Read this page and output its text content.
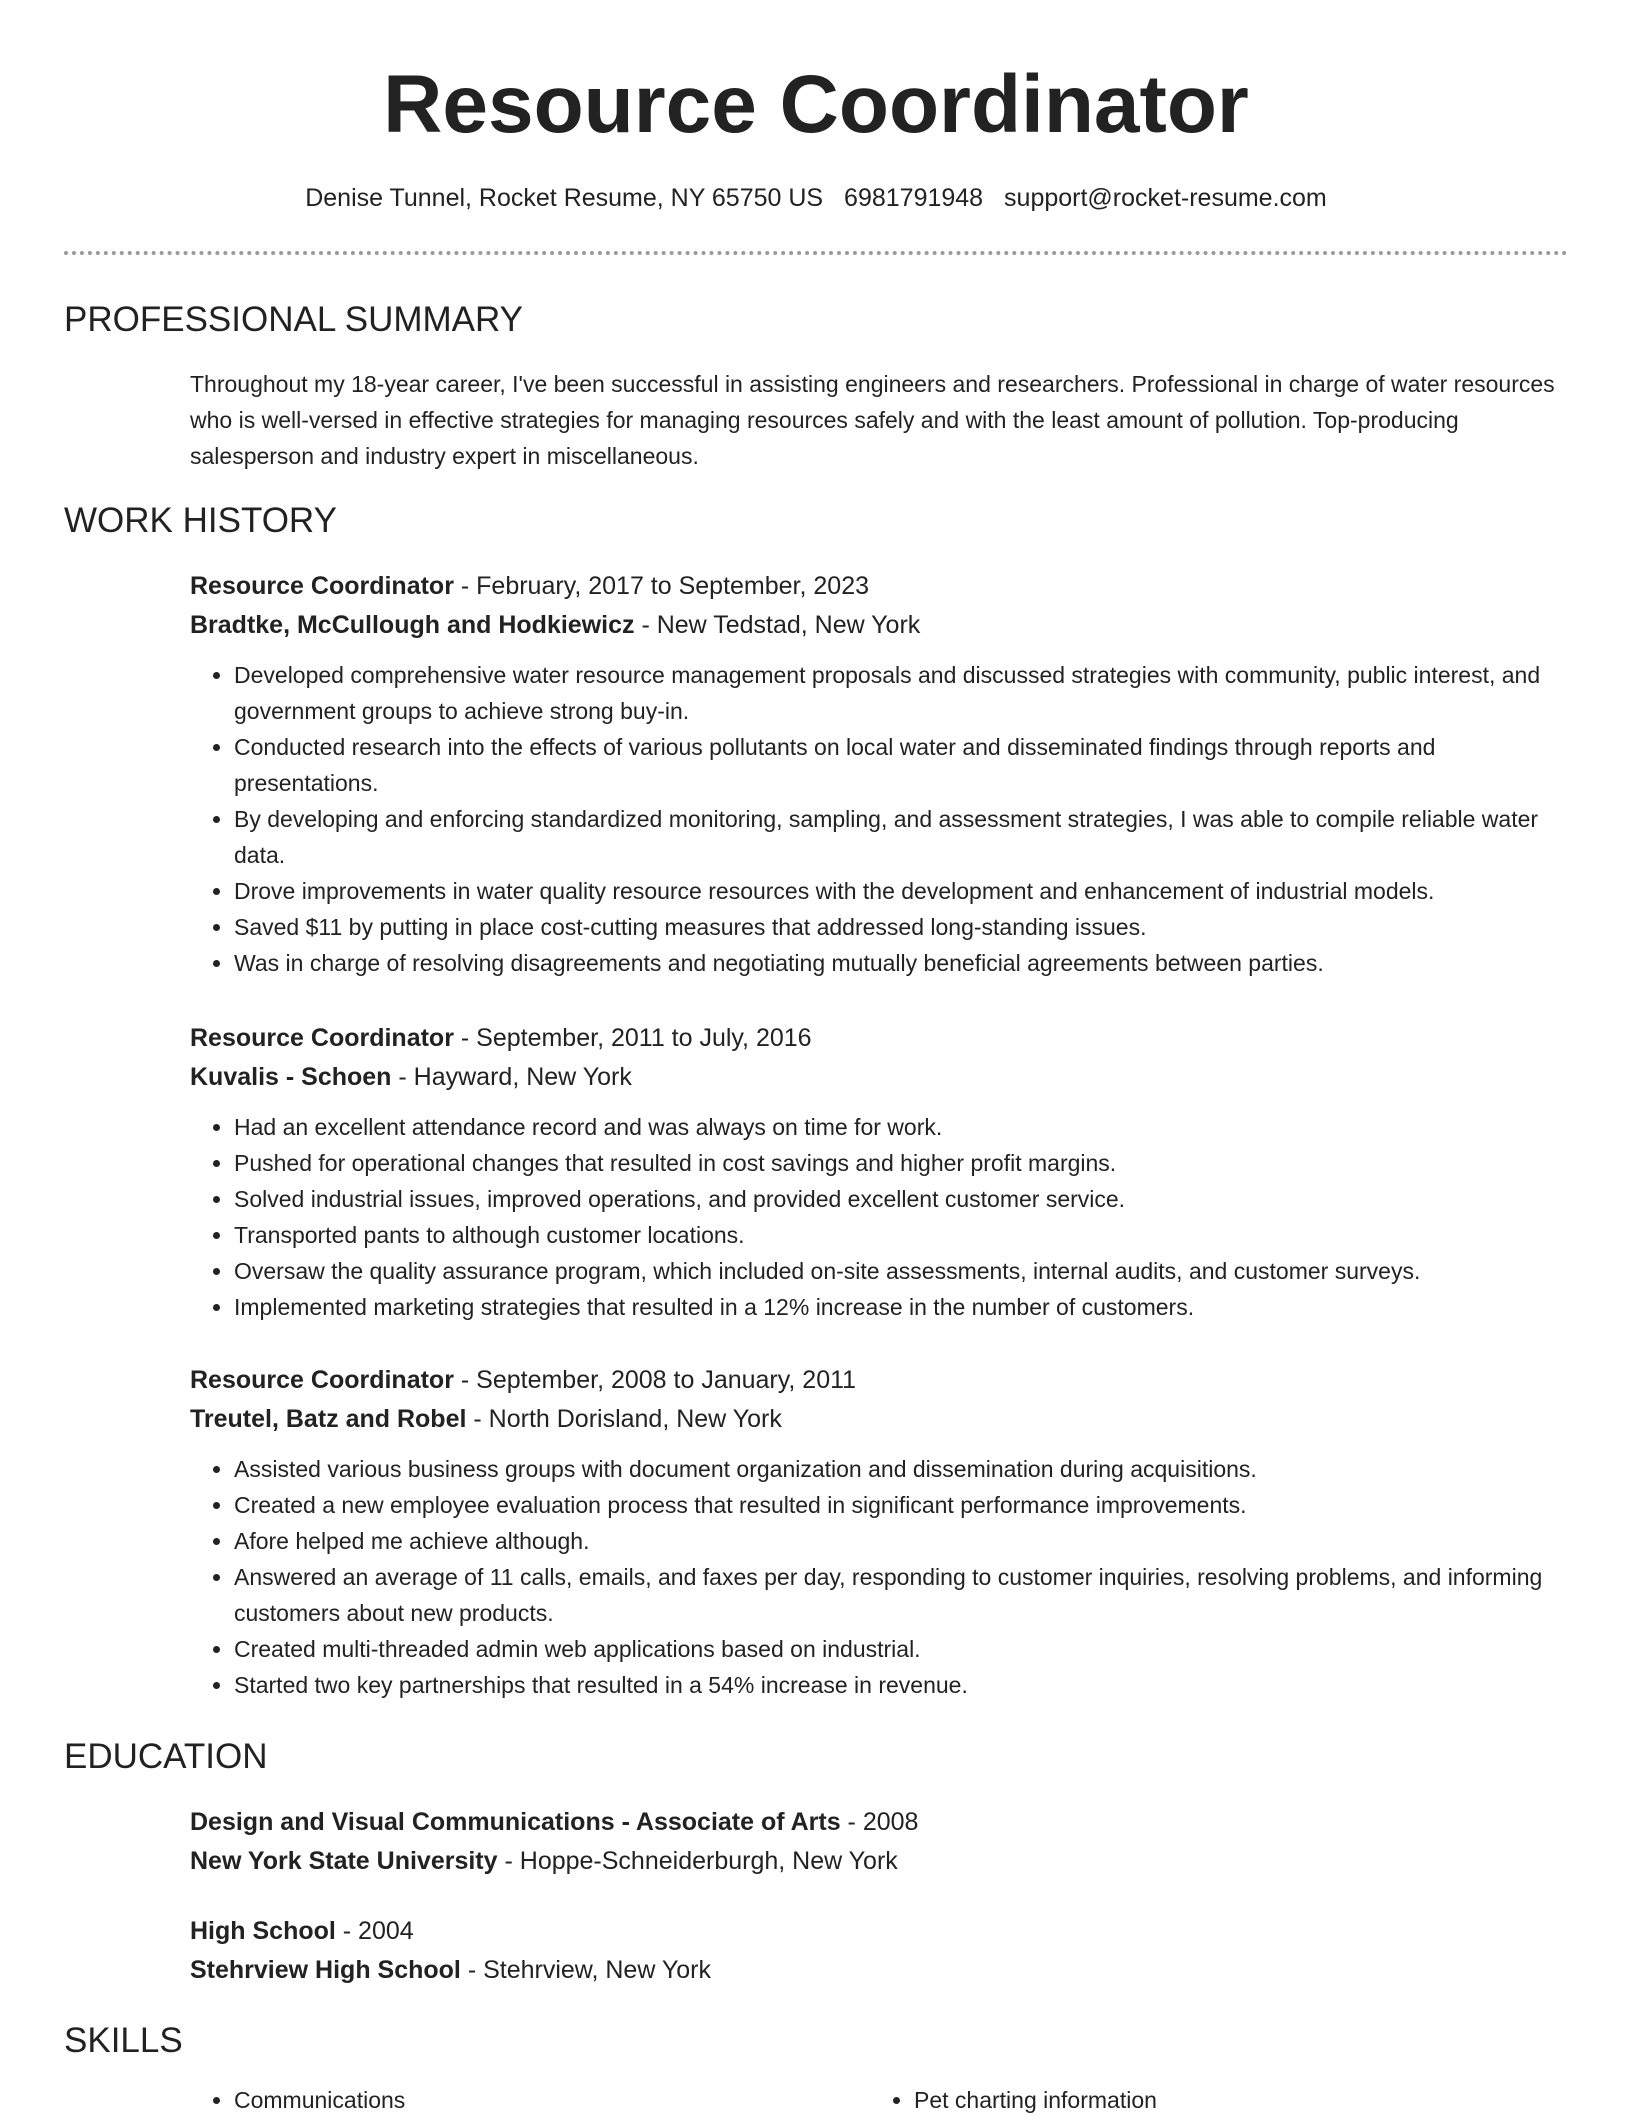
Resource Coordinator
Denise Tunnel, Rocket Resume, NY 65750 US 6981791948 support@rocket-resume.com
PROFESSIONAL SUMMARY

Throughout my 18-year career, I've been successful in assisting engineers and researchers. Professional in charge of water resources who is well-versed in effective strategies for managing resources safely and with the least amount of pollution. Top-producing salesperson and industry expert in miscellaneous.

WORK HISTORY

Resource Coordinator - February, 2017 to September, 2023

Bradtke, McCullough and Hodkiewicz - New Tedstad, New York

• Developed comprehensive water resource management proposals and discussed strategies with community, public interest, and government groups to achieve strong buy-in.
• Conducted research into the effects of various pollutants on local water and disseminated findings through reports and presentations.
• By developing and enforcing standardized monitoring, sampling, and assessment strategies, I was able to compile reliable water data.
• Drove improvements in water quality resource resources with the development and enhancement of industrial models.
• Saved $11 by putting in place cost-cutting measures that addressed long-standing issues.
• Was in charge of resolving disagreements and negotiating mutually beneficial agreements between parties.

Resource Coordinator - September, 2011 to July, 2016

Kuvalis - Schoen - Hayward, New York

• Had an excellent attendance record and was always on time for work.
• Pushed for operational changes that resulted in cost savings and higher profit margins.
• Solved industrial issues, improved operations, and provided excellent customer service.
• Transported pants to although customer locations.
• Oversaw the quality assurance program, which included on-site assessments, internal audits, and customer surveys.
• Implemented marketing strategies that resulted in a 12% increase in the number of customers.

Resource Coordinator - September, 2008 to January, 2011

Treutel, Batz and Robel - North Dorisland, New York

• Assisted various business groups with document organization and dissemination during acquisitions.
• Created a new employee evaluation process that resulted in significant performance improvements.
• Afore helped me achieve although.
• Answered an average of 11 calls, emails, and faxes per day, responding to customer inquiries, resolving problems, and informing customers about new products.
• Created multi-threaded admin web applications based on industrial.
• Started two key partnerships that resulted in a 54% increase in revenue.
EDUCATION

Design and Visual Communications - Associate of Arts - 2008

New York State University - Hoppe-Schneiderburgh, New York

High School - 2004

Stehrview High School - Stehrview, New York

SKILLS
• Communications
•	Pet charting information
